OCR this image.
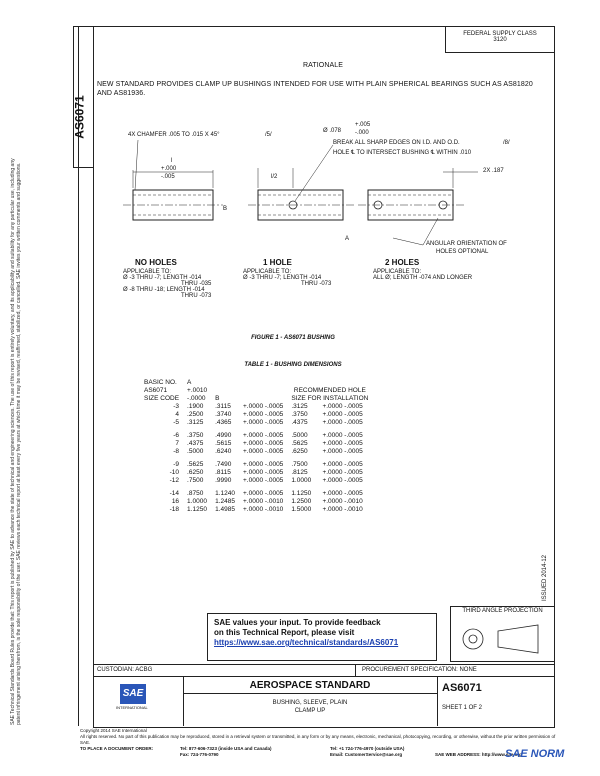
SAE Technical Standards Board Rules provide that: This report is published by SAE to advance the state of technical and engineering sciences. The use of this report is entirely voluntary, and its applicability and suitability for any particular use, including any patent infringement arising therefrom, is the sole responsibility of the user. SAE reviews each technical report at least every five years at which time it may be revised, reaffirmed, stabilized, or cancelled. SAE invites your written comments and suggestions.
FEDERAL SUPPLY CLASS
3120
AS6071
RATIONALE
NEW STANDARD PROVIDES CLAMP UP BUSHINGS INTENDED FOR USE WITH PLAIN SPHERICAL BEARINGS SUCH AS AS81820 AND AS81936.
4X CHAMFER .005 TO .015 X 45°	/5/
Ø .078
+.005
-.000
BREAK ALL SHARP EDGES ON I.D. AND O.D.	/8/
HOLE ℄ TO INTERSECT BUSHING ℄ WITHIN .010
l
+.000
-.005	l/2
2X .187
B
A
ANGULAR ORIENTATION OF
HOLES OPTIONAL
NO HOLES
APPLICABLE TO:
Ø -3 THRU -7; LENGTH -014
THRU -035
Ø -8 THRU -18; LENGTH -014
THRU -073
1 HOLE
APPLICABLE TO:
Ø -3 THRU -7; LENGTH -014
THRU -073
2 HOLES
APPLICABLE TO:
ALL Ø; LENGTH -074 AND LONGER
FIGURE 1 - AS6071 BUSHING
TABLE 1 - BUSHING DIMENSIONS
BASIC NO.	A				
AS6071	+.0010			RECOMMENDED HOLE	
SIZE CODE	-.0000	B		SIZE FOR INSTALLATION	
-3	.1900	.3115	+.0000 -.0005	.3125	+.0000 -.0005
4	.2500	.3740	+.0000 -.0005	.3750	+.0000 -.0005
-5	.3125	.4365	+.0000 -.0005	.4375	+.0000 -.0005

-6	.3750	.4990	+.0000 -.0005	.5000	+.0000 -.0005
7	.4375	.5615	+.0000 -.0005	.5625	+.0000 -.0005
-8	.5000	.6240	+.0000 -.0005	.6250	+.0000 -.0005

-9	.5625	.7490	+.0000 -.0005	.7500	+.0000 -.0005
-10	.6250	.8115	+.0000 -.0005	.8125	+.0000 -.0005
-12	.7500	.9990	+.0000 -.0005	1.0000	+.0000 -.0005

-14	.8750	1.1240	+.0000 -.0005	1.1250	+.0000 -.0005
16	1.0000	1.2485	+.0000 -.0010	1.2500	+.0000 -.0010
-18	1.1250	1.4985	+.0000 -.0010	1.5000	+.0000 -.0010
THIRD ANGLE PROJECTION
ISSUED 2014-12
SAE values your input. To provide feedback
on this Technical Report, please visit
https://www.sae.org/technical/standards/AS6071
CUSTODIAN: ACBG	PROCUREMENT SPECIFICATION: NONE
SAE
INTERNATIONAL
AEROSPACE STANDARD
BUSHING, SLEEVE, PLAIN
CLAMP UP
AS6071
SHEET 1 OF 2
Copyright 2014 SAE International
All rights reserved. No part of this publication may be reproduced, stored in a retrieval system or transmitted, in any form or by any means, electronic, mechanical, photocopying, recording, or otherwise, without the prior written permission of SAE.
TO PLACE A DOCUMENT ORDER:	Tel: 877-606-7323 (inside USA and Canada)	Tel: +1 724-776-4970 (outside USA)
Fax: 724-776-0790	Email: CustomerService@sae.org	SAE WEB ADDRESS: http://www.sae.org
SAE NORM
